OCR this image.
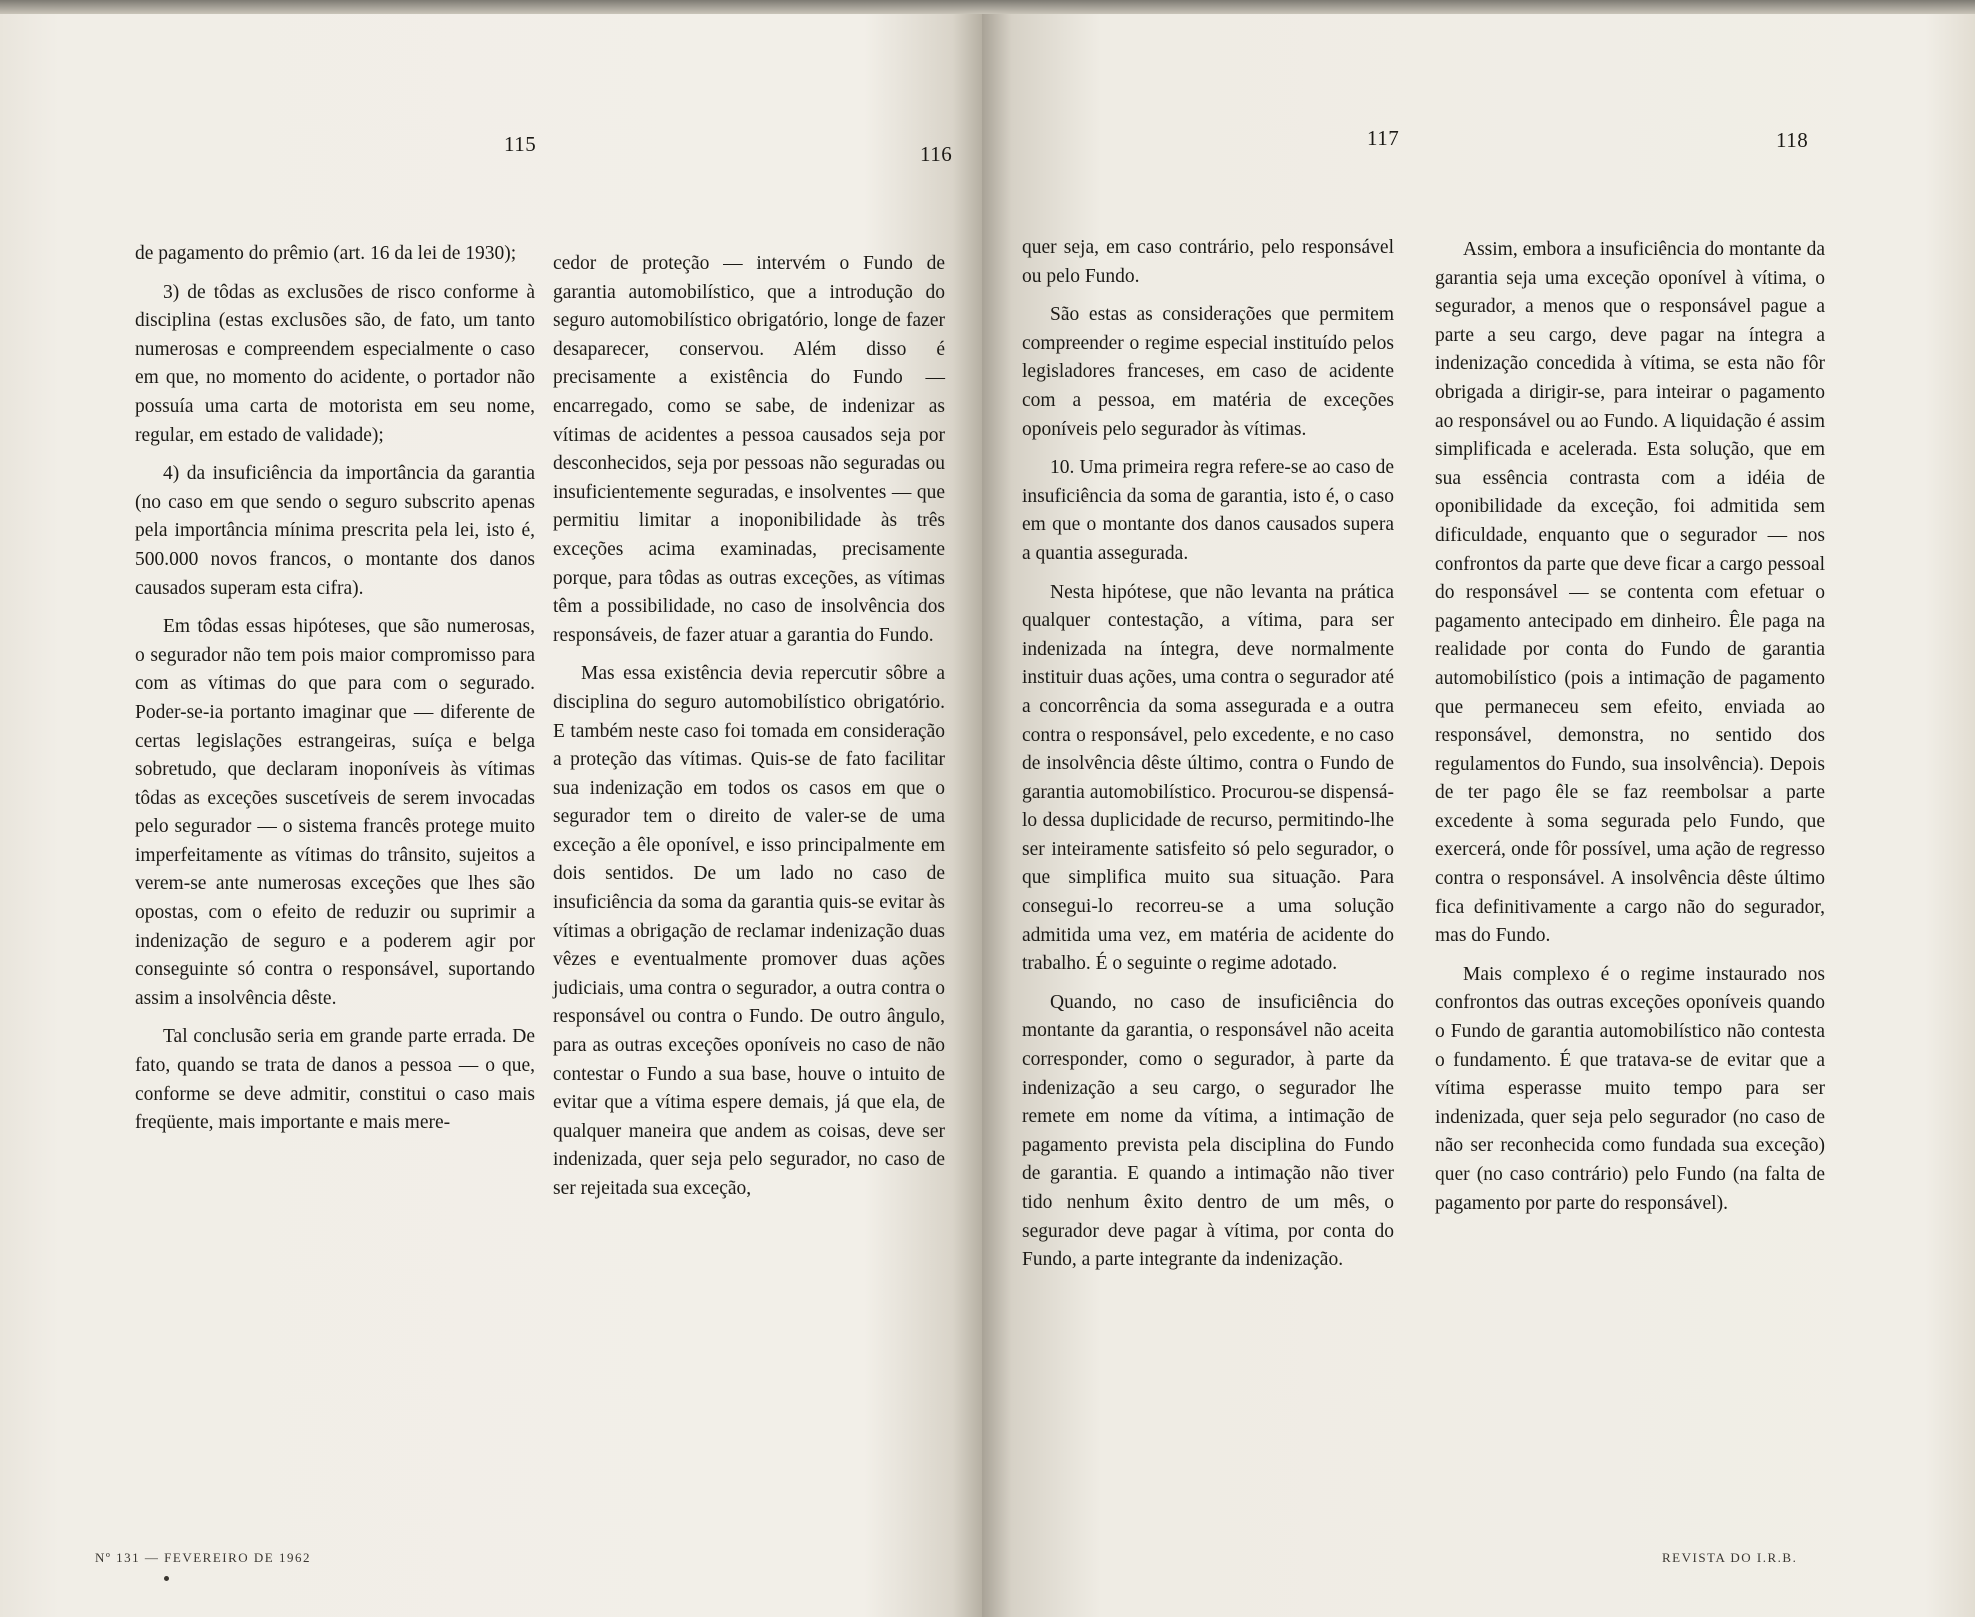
115	116

de pagamento do prêmio (art. 16 da lei de 1930);

3) de tôdas as exclusões de risco conforme à disciplina (estas exclusões são, de fato, um tanto numerosas e compreendem especialmente o caso em que, no momento do acidente, o portador não possuía uma carta de motorista em seu nome, regular, em estado de validade);

4) da insuficiência da importância da garantia (no caso em que sendo o seguro subscrito apenas pela importância mínima prescrita pela lei, isto é, 500.000 novos francos, o montante dos danos causados superam esta cifra).

Em tôdas essas hipóteses, que são numerosas, o segurador não tem pois maior compromisso para com as vítimas do que para com o segurado. Poder-se-ia portanto imaginar que — diferente de certas legislações estrangeiras, suíça e belga sobretudo, que declaram inoponíveis às vítimas tôdas as exceções suscetíveis de serem invocadas pelo segurador — o sistema francês protege muito imperfeitamente as vítimas do trânsito, sujeitos a verem-se ante numerosas exceções que lhes são opostas, com o efeito de reduzir ou suprimir a indenização de seguro e a poderem agir por conseguinte só contra o responsável, suportando assim a insolvência dêste.

Tal conclusão seria em grande parte errada. De fato, quando se trata de danos a pessoa — o que, conforme se deve admitir, constitui o caso mais freqüente, mais importante e mais mere-

cedor de proteção — intervém o Fundo de garantia automobilístico, que a introdução do seguro automobilístico obrigatório, longe de fazer desaparecer, conservou. Além disso é precisamente a existência do Fundo — encarregado, como se sabe, de indenizar as vítimas de acidentes a pessoa causados seja por desconhecidos, seja por pessoas não seguradas ou insuficientemente seguradas, e insolventes — que permitiu limitar a inoponibilidade às três exceções acima examinadas, precisamente porque, para tôdas as outras exceções, as vítimas têm a possibilidade, no caso de insolvência dos responsáveis, de fazer atuar a garantia do Fundo.

Mas essa existência devia repercutir sôbre a disciplina do seguro automobilístico obrigatório. E também neste caso foi tomada em consideração a proteção das vítimas. Quis-se de fato facilitar sua indenização em todos os casos em que o segurador tem o direito de valer-se de uma exceção a êle oponível, e isso principalmente em dois sentidos. De um lado no caso de insuficiência da soma da garantia quis-se evitar às vítimas a obrigação de reclamar indenização duas vêzes e eventualmente promover duas ações judiciais, uma contra o segurador, a outra contra o responsável ou contra o Fundo. De outro ângulo, para as outras exceções oponíveis no caso de não contestar o Fundo a sua base, houve o intuito de evitar que a vítima espere demais, já que ela, de qualquer maneira que andem as coisas, deve ser indenizada, quer seja pelo segurador, no caso de ser rejeitada sua exceção,

Nº 131 — FEVEREIRO DE 1962
117	118

quer seja, em caso contrário, pelo responsável ou pelo Fundo.

São estas as considerações que permitem compreender o regime especial instituído pelos legisladores franceses, em caso de acidente com a pessoa, em matéria de exceções oponíveis pelo segurador às vítimas.

10. Uma primeira regra refere-se ao caso de insuficiência da soma de garantia, isto é, o caso em que o montante dos danos causados supera a quantia assegurada.

Nesta hipótese, que não levanta na prática qualquer contestação, a vítima, para ser indenizada na íntegra, deve normalmente instituir duas ações, uma contra o segurador até a concorrência da soma assegurada e a outra contra o responsável, pelo excedente, e no caso de insolvência dêste último, contra o Fundo de garantia automobilístico. Procurou-se dispensá-lo dessa duplicidade de recurso, permitindo-lhe ser inteiramente satisfeito só pelo segurador, o que simplifica muito sua situação. Para consegui-lo recorreu-se a uma solução admitida uma vez, em matéria de acidente do trabalho. É o seguinte o regime adotado.

Quando, no caso de insuficiência do montante da garantia, o responsável não aceita corresponder, como o segurador, à parte da indenização a seu cargo, o segurador lhe remete em nome da vítima, a intimação de pagamento prevista pela disciplina do Fundo de garantia. E quando a intimação não tiver tido nenhum êxito dentro de um mês, o segurador deve pagar à vítima, por conta do Fundo, a parte integrante da indenização.

Assim, embora a insuficiência do montante da garantia seja uma exceção oponível à vítima, o segurador, a menos que o responsável pague a parte a seu cargo, deve pagar na íntegra a indenização concedida à vítima, se esta não fôr obrigada a dirigir-se, para inteirar o pagamento ao responsável ou ao Fundo. A liquidação é assim simplificada e acelerada. Esta solução, que em sua essência contrasta com a idéia de oponibilidade da exceção, foi admitida sem dificuldade, enquanto que o segurador — nos confrontos da parte que deve ficar a cargo pessoal do responsável — se contenta com efetuar o pagamento antecipado em dinheiro. Êle paga na realidade por conta do Fundo de garantia automobilístico (pois a intimação de pagamento que permaneceu sem efeito, enviada ao responsável, demonstra, no sentido dos regulamentos do Fundo, sua insolvência). Depois de ter pago êle se faz reembolsar a parte excedente à soma segurada pelo Fundo, que exercerá, onde fôr possível, uma ação de regresso contra o responsável. A insolvência dêste último fica definitivamente a cargo não do segurador, mas do Fundo.

Mais complexo é o regime instaurado nos confrontos das outras exceções oponíveis quando o Fundo de garantia automobilístico não contesta o fundamento. É que tratava-se de evitar que a vítima esperasse muito tempo para ser indenizada, quer seja pelo segurador (no caso de não ser reconhecida como fundada sua exceção) quer (no caso contrário) pelo Fundo (na falta de pagamento por parte do responsável).

REVISTA DO I.R.B.
